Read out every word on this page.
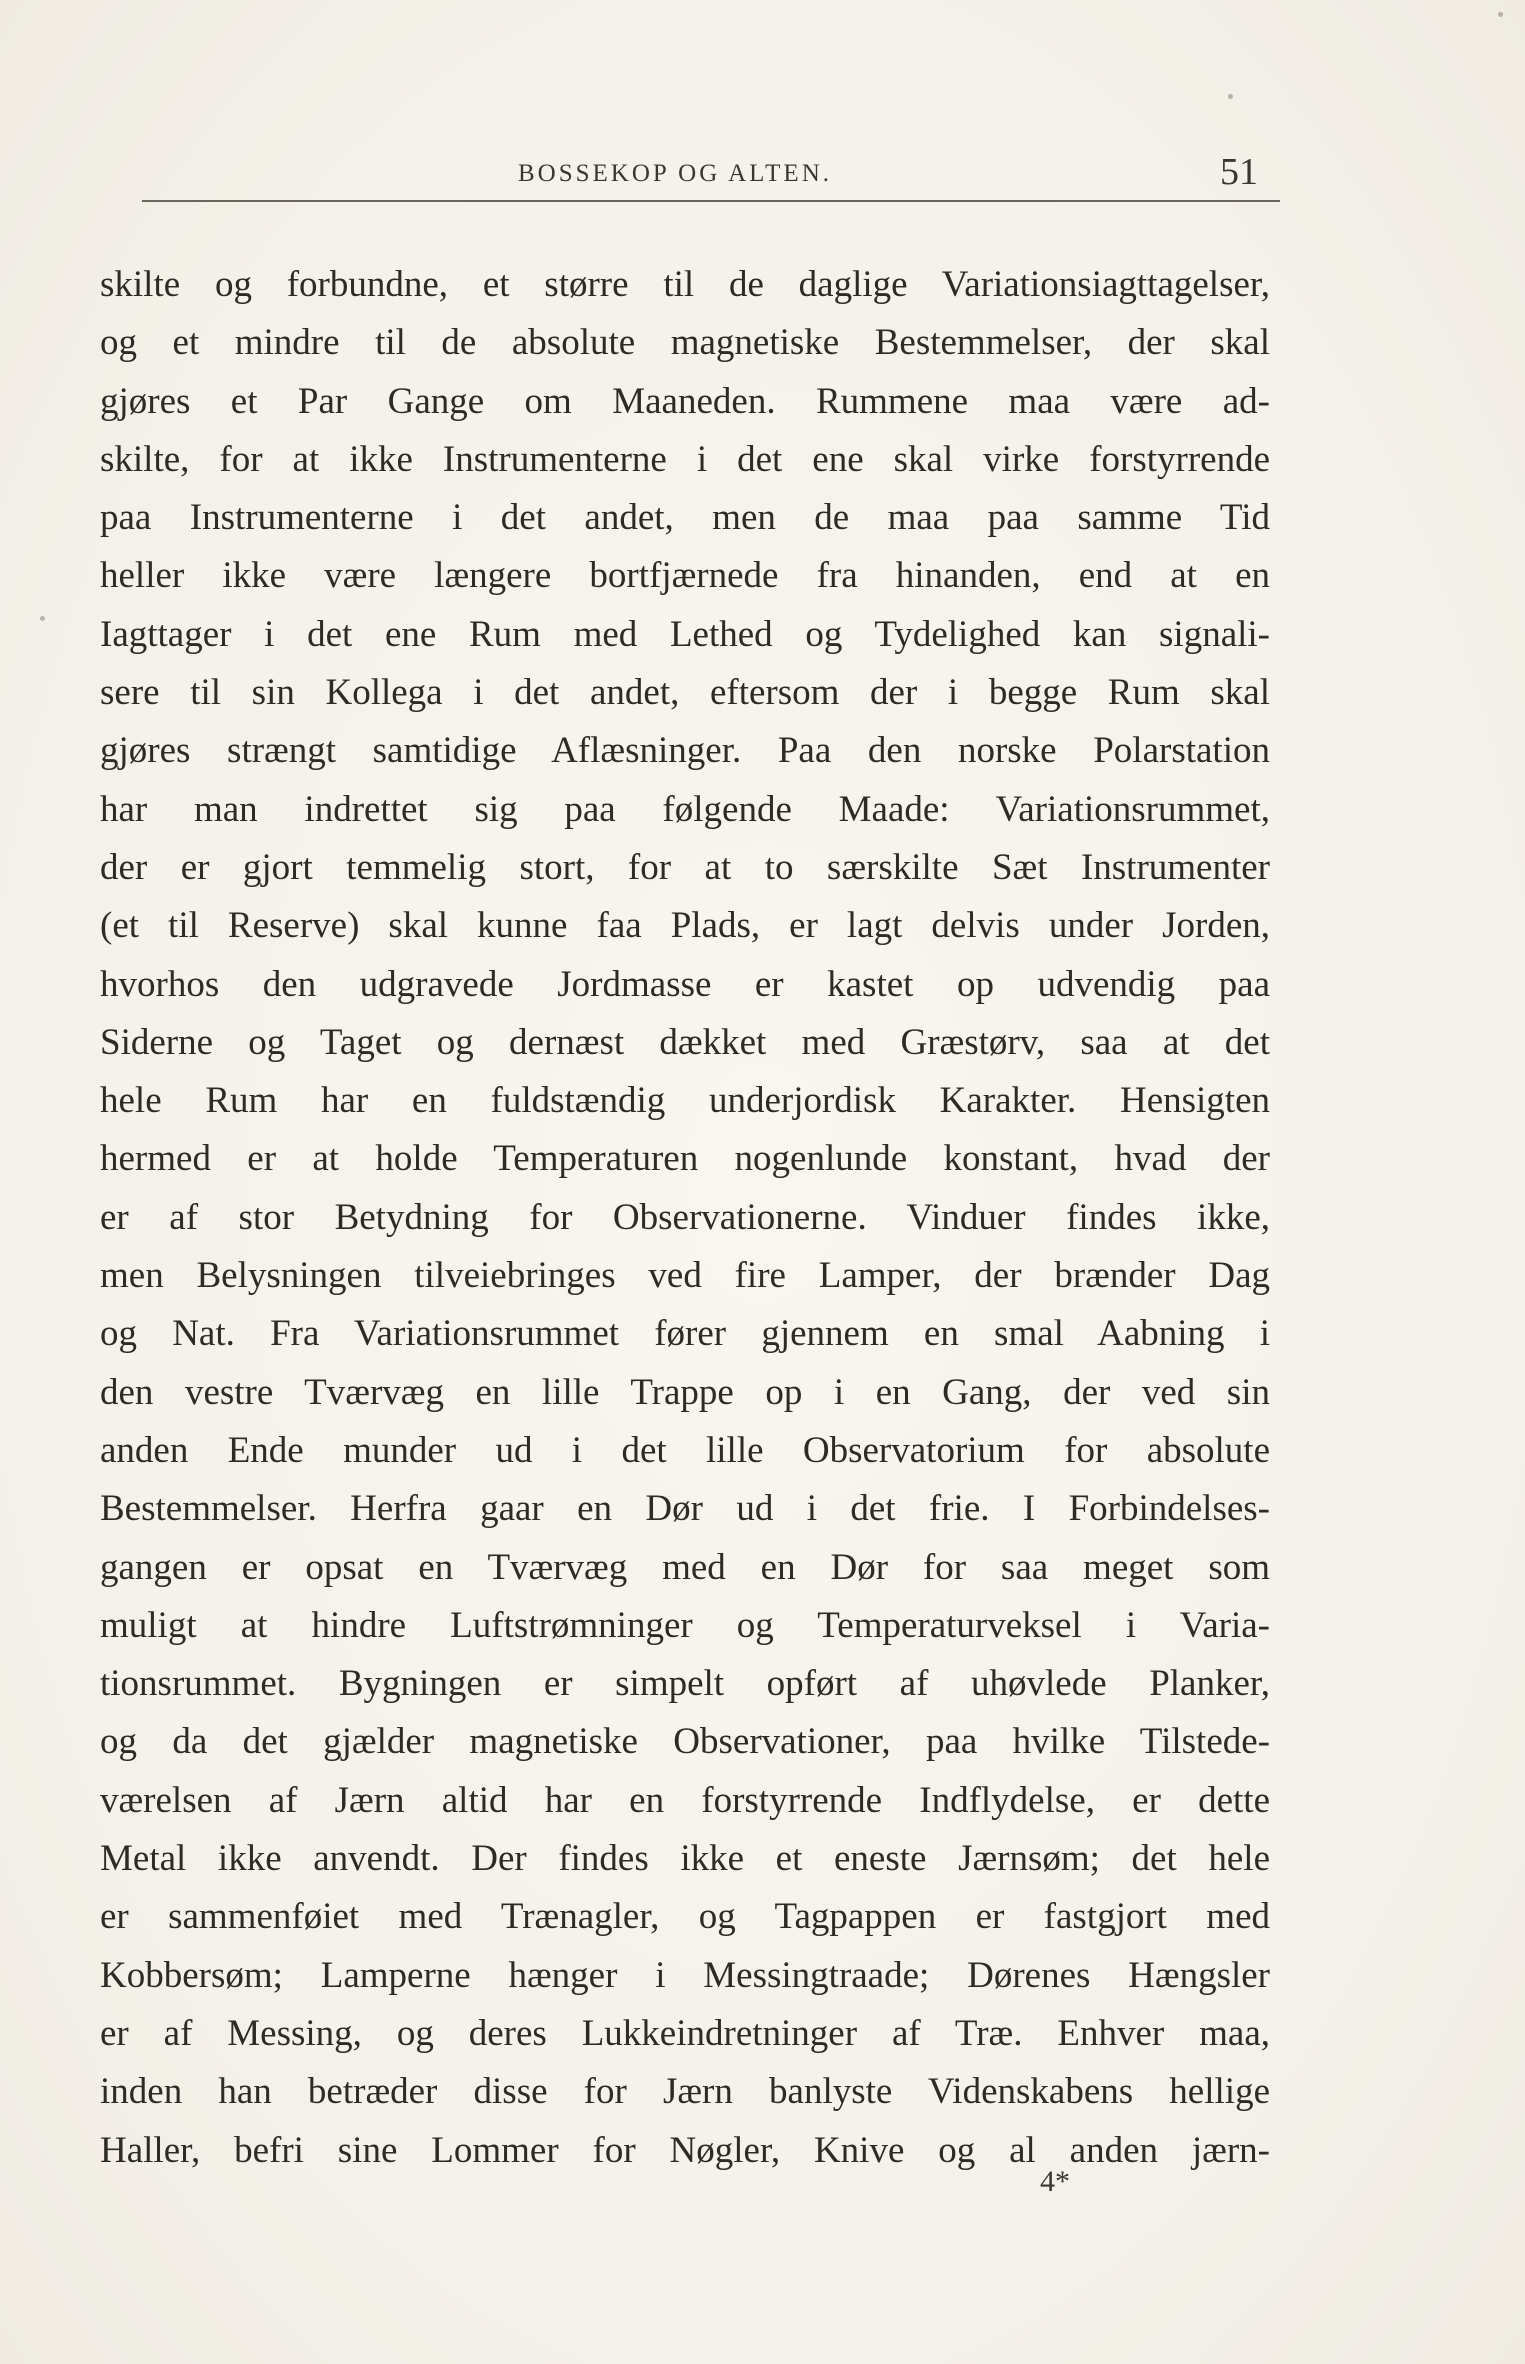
BOSSEKOP OG ALTEN.	51
skilte og forbundne, et større til de daglige Variationsiagttagelser,
og et mindre til de absolute magnetiske Bestemmelser, der skal
gjøres et Par Gange om Maaneden. Rummene maa være ad-
skilte, for at ikke Instrumenterne i det ene skal virke forstyrrende
paa Instrumenterne i det andet, men de maa paa samme Tid
heller ikke være længere bortfjærnede fra hinanden, end at en
Iagttager i det ene Rum med Lethed og Tydelighed kan signali-
sere til sin Kollega i det andet, eftersom der i begge Rum skal
gjøres strængt samtidige Aflæsninger. Paa den norske Polarstation
har man indrettet sig paa følgende Maade: Variationsrummet,
der er gjort temmelig stort, for at to særskilte Sæt Instrumenter
(et til Reserve) skal kunne faa Plads, er lagt delvis under Jorden,
hvorhos den udgravede Jordmasse er kastet op udvendig paa
Siderne og Taget og dernæst dækket med Græstørv, saa at det
hele Rum har en fuldstændig underjordisk Karakter. Hensigten
hermed er at holde Temperaturen nogenlunde konstant, hvad der
er af stor Betydning for Observationerne. Vinduer findes ikke,
men Belysningen tilveiebringes ved fire Lamper, der brænder Dag
og Nat. Fra Variationsrummet fører gjennem en smal Aabning i
den vestre Tværvæg en lille Trappe op i en Gang, der ved sin
anden Ende munder ud i det lille Observatorium for absolute
Bestemmelser. Herfra gaar en Dør ud i det frie. I Forbindelses-
gangen er opsat en Tværvæg med en Dør for saa meget som
muligt at hindre Luftstrømninger og Temperaturveksel i Varia-
tionsrummet. Bygningen er simpelt opført af uhøvlede Planker,
og da det gjælder magnetiske Observationer, paa hvilke Tilstede-
værelsen af Jærn altid har en forstyrrende Indflydelse, er dette
Metal ikke anvendt. Der findes ikke et eneste Jærnsøm; det hele
er sammenføiet med Trænagler, og Tagpappen er fastgjort med
Kobbersøm; Lamperne hænger i Messingtraade; Dørenes Hængsler
er af Messing, og deres Lukkeindretninger af Træ. Enhver maa,
inden han betræder disse for Jærn banlyste Videnskabens hellige
Haller, befri sine Lommer for Nøgler, Knive og al anden jærn-
4*
